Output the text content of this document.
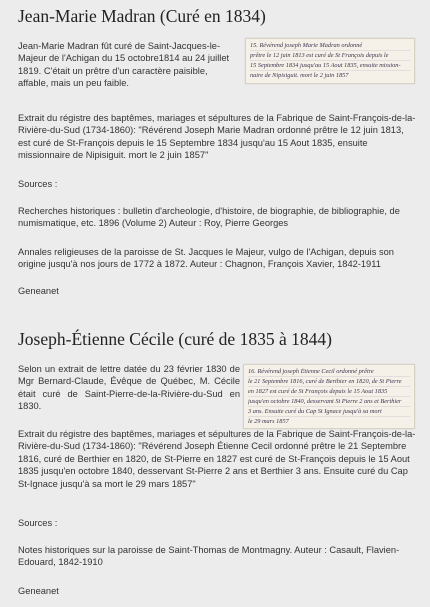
Jean-Marie Madran (Curé en 1834)
15. Révérend joseph Marie Madran ordonné
prêtre le 12 juin 1813 est curé de St François depuis le
15 Septembre 1834 jusqu'au 15 Aout 1835, ensuite mission-
naire de Nipisiguit. mort le 2 juin 1857

Jean-Marie Madran fût curé de Saint-Jacques-le-Majeur de l'Achigan du 15 octobre1814 au 24 juillet 1819. C'était un prêtre d'un caractère paisible, affable, mais un peu faible.

Extrait du régistre des baptêmes, mariages et sépultures de la Fabrique de Saint-François-de-la-Rivière-du-Sud (1734-1860): "Révérend Joseph Marie Madran ordonné prêtre le 12 juin 1813, est curé de St-François depuis le 15 Septembre 1834 jusqu'au 15 Aout 1835, ensuite missionnaire de Nipisiguit. mort le 2 juin 1857"

Sources :

Recherches historiques : bulletin d'archeologie, d'histoire, de biographie, de bibliographie, de numismatique, etc. 1896 (Volume 2) Auteur : Roy, Pierre Georges

Annales religieuses de la paroisse de St. Jacques le Majeur, vulgo de l'Achigan, depuis son origine jusqu'à nos jours de 1772 à 1872. Auteur : Chagnon, François Xavier, 1842-1911

Geneanet

Joseph-Étienne Cécile (curé de 1835 à 1844)
16. Révérend joseph Étienne Cecil ordonné prêtre
le 21 Septembre 1816, curé de Berthier en 1820, de St Pierre
en 1827 est curé de St François depuis le 15 Aout 1835
jusqu'en octobre 1840, desservant St Pierre 2 ans et Berthier
3 ans. Ensuite curé du Cap St Ignace jusqu'à sa mort
le 29 mars 1857

Selon un extrait de lettre datée du 23 février 1830 de Mgr Bernard-Claude, Évêque de Québec, M. Cécile était curé de Saint-Pierre-de-la-Rivière-du-Sud en 1830.

Extrait du régistre des baptêmes, mariages et sépultures de la Fabrique de Saint-François-de-la-Rivière-du-Sud (1734-1860): "Révérend Joseph Étienne Cecil ordonné prêtre le 21 Septembre 1816, curé de Berthier en 1820, de St-Pierre en 1827 est curé de St-François depuis le 15 Aout 1835 jusqu'en octobre 1840, desservant St-Pierre 2 ans et Berthier 3 ans. Ensuite curé du Cap St-Ignace jusqu'à sa mort le 29 mars 1857"

Sources :

Notes historiques sur la paroisse de Saint-Thomas de Montmagny. Auteur : Casault, Flavien-Edouard, 1842-1910

Geneanet
